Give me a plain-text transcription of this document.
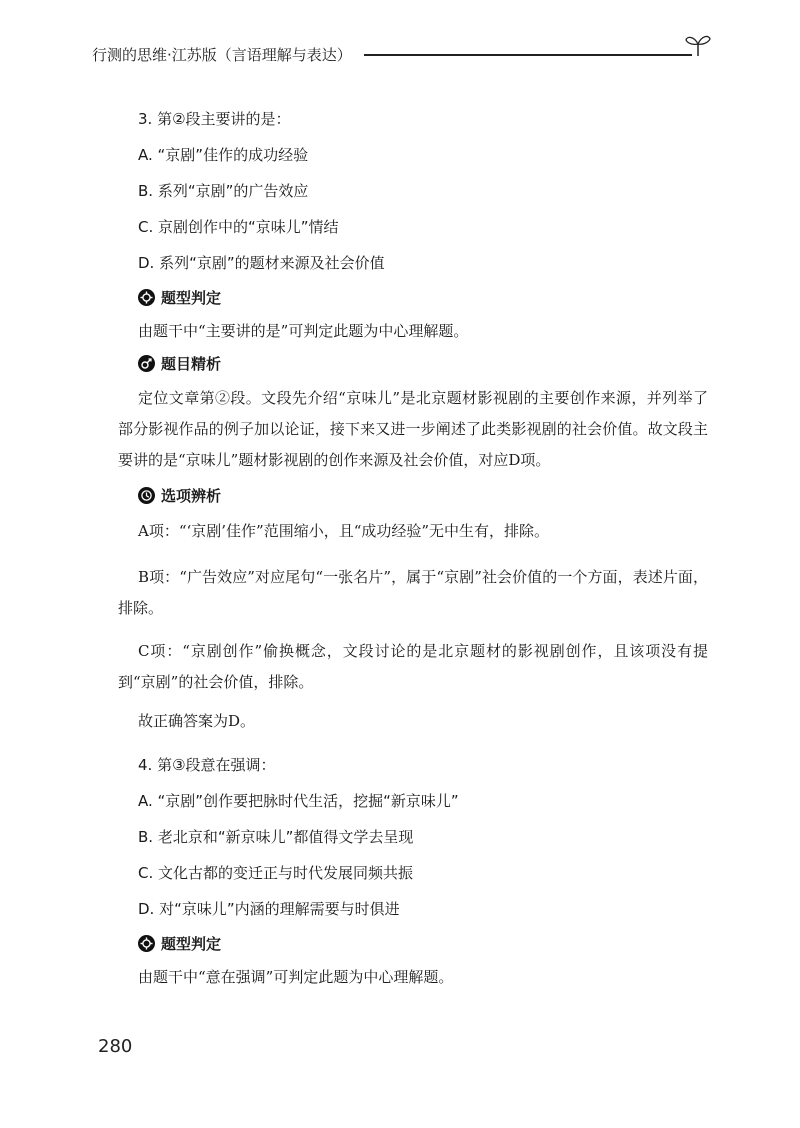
行测的思维·江苏版（言语理解与表达）
3. 第②段主要讲的是：
A. “京剧”佳作的成功经验
B. 系列“京剧”的广告效应
C. 京剧创作中的“京味儿”情结
D. 系列“京剧”的题材来源及社会价值
题型判定
由题干中“主要讲的是”可判定此题为中心理解题。
题目精析
定位文章第②段。文段先介绍“京味儿”是北京题材影视剧的主要创作来源，并列举了部分影视作品的例子加以论证，接下来又进一步阐述了此类影视剧的社会价值。故文段主要讲的是“京味儿”题材影视剧的创作来源及社会价值，对应D项。
选项辨析
A项：“‘京剧’佳作”范围缩小，且“成功经验”无中生有，排除。
B项：“广告效应”对应尾句“一张名片”，属于“京剧”社会价值的一个方面，表述片面，排除。
C项：“京剧创作”偷换概念，文段讨论的是北京题材的影视剧创作，且该项没有提到“京剧”的社会价值，排除。
故正确答案为D。
4. 第③段意在强调：
A. “京剧”创作要把脉时代生活，挖掘“新京味儿”
B. 老北京和“新京味儿”都值得文学去呈现
C. 文化古都的变迁正与时代发展同频共振
D. 对“京味儿”内涵的理解需要与时俱进
题型判定
由题干中“意在强调”可判定此题为中心理解题。
280
